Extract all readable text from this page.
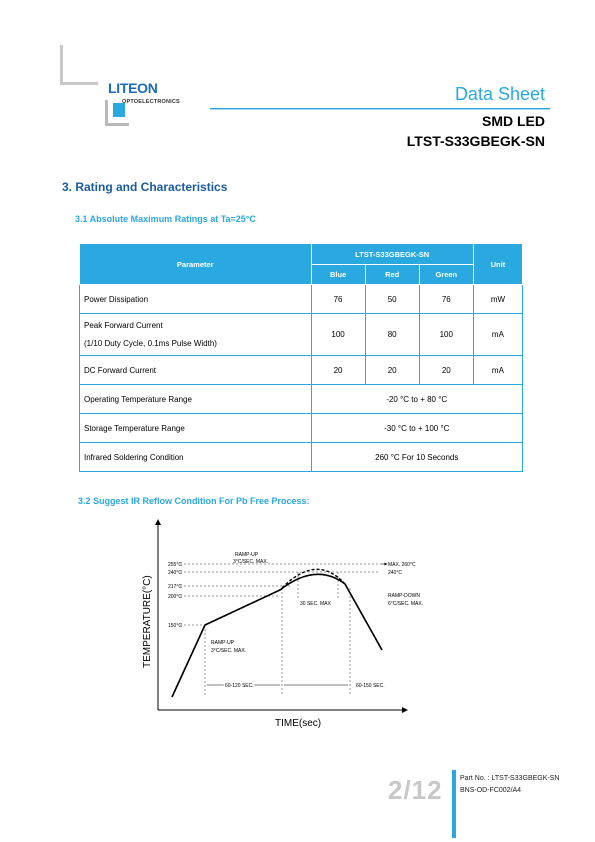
LITEON
OPTOELECTRONICS	Data Sheet
SMD LED
LTST-S33GBEGK-SN
3. Rating and Characteristics
3.1 Absolute Maximum Ratings at Ta=25°C
Parameter	LTST-S33GBEGK-SN			Unit
	Blue	Red	Green	
Power Dissipation	76	50	76	mW

Peak Forward Current
(1/10 Duty Cycle, 0.1ms Pulse Width)	100	80	100	mA
DC Forward Current	20	20	20	mA
Operating Temperature Range	-20 °C to + 80 °C			
Storage Temperature Range	-30 °C to + 100 °C			
Infrared Soldering Condition	260 °C For 10 Seconds			
3.2 Suggest IR Reflow Condition For Pb Free Process:
TEMPERATURE(°C)
TIME(sec)
255°C
240°C
217°C
200°C
150°C
RAMP-UP
3°C/SEC. MAX.
RAMP-UP
3°C/SEC. MAX.
RAMP-DOWN
6°C/SEC. MAX.
MAX. 260°C
240°C
30 SEC. MAX
60-120 SEC.	60-150 SEC.
2/12 Part No. : LTST-S33GBEGK-SN
BNS-OD-FC002/A4
